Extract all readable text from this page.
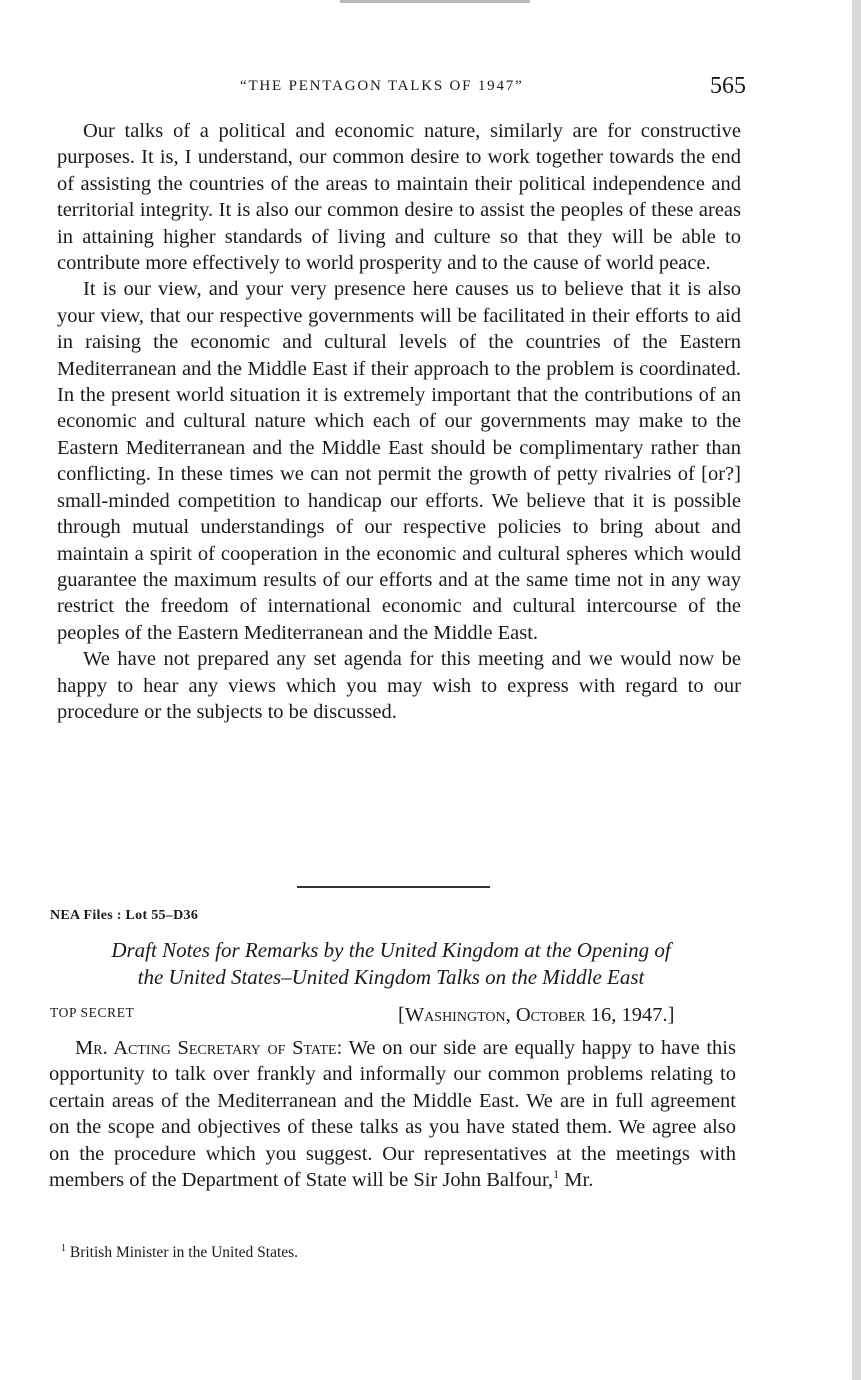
“THE PENTAGON TALKS OF 1947”	565

Our talks of a political and economic nature, similarly are for constructive purposes. It is, I understand, our common desire to work together towards the end of assisting the countries of the areas to maintain their political independence and territorial integrity. It is also our common desire to assist the peoples of these areas in attaining higher standards of living and culture so that they will be able to contribute more effectively to world prosperity and to the cause of world peace.

It is our view, and your very presence here causes us to believe that it is also your view, that our respective governments will be facilitated in their efforts to aid in raising the economic and cultural levels of the countries of the Eastern Mediterranean and the Middle East if their approach to the problem is coordinated. In the present world situation it is extremely important that the contributions of an economic and cultural nature which each of our governments may make to the Eastern Mediterranean and the Middle East should be complimentary rather than conflicting. In these times we can not permit the growth of petty rivalries of [or?] small-minded competition to handicap our efforts. We believe that it is possible through mutual understandings of our respective policies to bring about and maintain a spirit of cooperation in the economic and cultural spheres which would guarantee the maximum results of our efforts and at the same time not in any way restrict the freedom of international economic and cultural intercourse of the peoples of the Eastern Mediterranean and the Middle East.

We have not prepared any set agenda for this meeting and we would now be happy to hear any views which you may wish to express with regard to our procedure or the subjects to be discussed.

NEA Files : Lot 55–D36
Draft Notes for Remarks by the United Kingdom at the Opening of
the United States–United Kingdom Talks on the Middle East
TOP SECRET	[Washington, October 16, 1947.]

Mr. Acting Secretary of State: We on our side are equally happy to have this opportunity to talk over frankly and informally our common problems relating to certain areas of the Mediterranean and the Middle East. We are in full agreement on the scope and objectives of these talks as you have stated them. We agree also on the procedure which you suggest. Our representatives at the meetings with members of the Department of State will be Sir John Balfour,$^1$ Mr.

$^1$ British Minister in the United States.
